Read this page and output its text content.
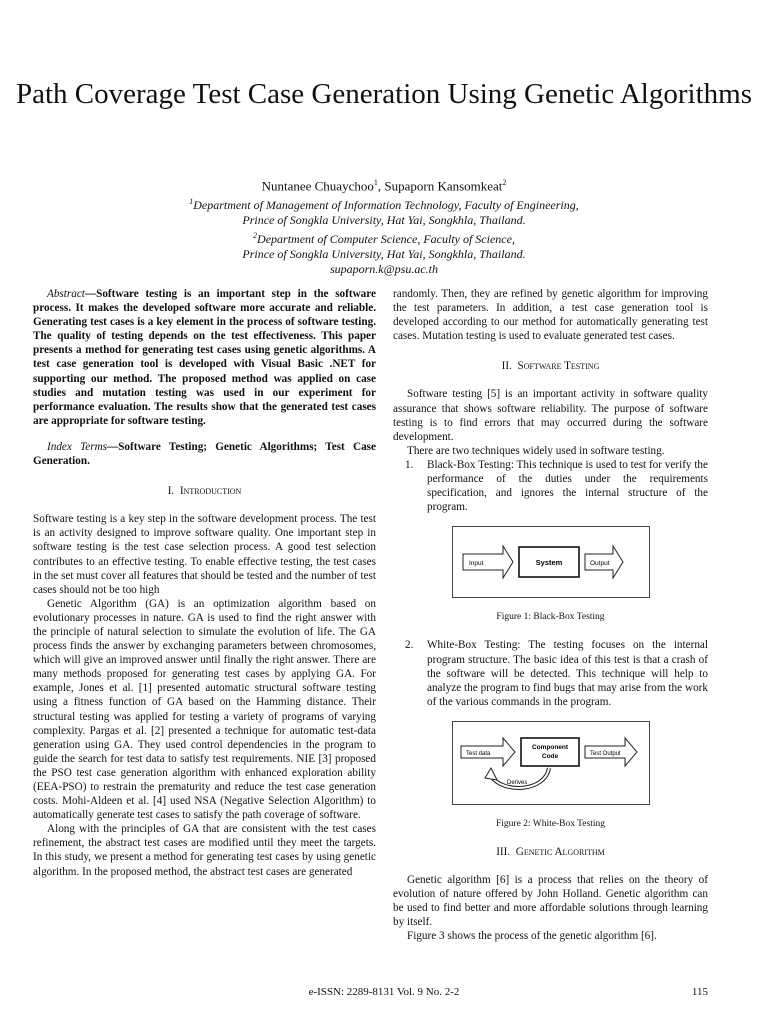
Path Coverage Test Case Generation Using Genetic Algorithms
Nuntanee Chuaychoo$^1$, Supaporn Kansomkeat$^2$
$^1$Department of Management of Information Technology, Faculty of Engineering,
Prince of Songkla University, Hat Yai, Songkhla, Thailand.
$^2$Department of Computer Science, Faculty of Science,
Prince of Songkla University, Hat Yai, Songkhla, Thailand.
supaporn.k@psu.ac.th

Abstract—Software testing is an important step in the software process. It makes the developed software more accurate and reliable. Generating test cases is a key element in the process of software testing. The quality of testing depends on the test effectiveness. This paper presents a method for generating test cases using genetic algorithms. A test case generation tool is developed with Visual Basic .NET for supporting our method. The proposed method was applied on case studies and mutation testing was used in our experiment for performance evaluation. The results show that the generated test cases are appropriate for software testing.

Index Terms—Software Testing; Genetic Algorithms; Test Case Generation.

I. Introduction

Software testing is a key step in the software development process. The test is an activity designed to improve software quality. One important step in software testing is the test case selection process. A good test selection contributes to an effective testing. To enable effective testing, the test cases in the set must cover all features that should be tested and the number of test cases should not be too high

Genetic Algorithm (GA) is an optimization algorithm based on evolutionary processes in nature. GA is used to find the right answer with the principle of natural selection to simulate the evolution of life. The GA process finds the answer by exchanging parameters between chromosomes, which will give an improved answer until finally the right answer. There are many methods proposed for generating test cases by applying GA. For example, Jones et al. [1] presented automatic structural software testing using a fitness function of GA based on the Hamming distance. Their structural testing was applied for testing a variety of programs of varying complexity. Pargas et al. [2] presented a technique for automatic test-data generation using GA. They used control dependencies in the program to guide the search for test data to satisfy test requirements. NIE [3] proposed the PSO test case generation algorithm with enhanced exploration ability (EEA-PSO) to restrain the prematurity and reduce the test case generation costs. Mohi-Aldeen et al. [4] used NSA (Negative Selection Algorithm) to automatically generate test cases to satisfy the path coverage of software.

Along with the principles of GA that are consistent with the test cases refinement, the abstract test cases are modified until they meet the targets. In this study, we present a method for generating test cases by using genetic algorithm. In the proposed method, the abstract test cases are generated

randomly. Then, they are refined by genetic algorithm for improving the test parameters. In addition, a test case generation tool is developed according to our method for automatically generating test cases. Mutation testing is used to evaluate generated test cases.

II. Software Testing

Software testing [5] is an important activity in software quality assurance that shows software reliability. The purpose of software testing is to find errors that may occurred during the software development.

There are two techniques widely used in software testing.

1.	Black-Box Testing: This technique is used to test for verify the performance of the duties under the requirements specification, and ignores the internal structure of the program.
Input	System	Output
Figure 1: Black-Box Testing
2.	White-Box Testing: The testing focuses on the internal program structure. The basic idea of this test is that a crash of the software will be detected. This technique will help to analyze the program to find bugs that may arise from the work of the various commands in the program.
Test data
Component
Code	Test Output
Derives
Figure 2: White-Box Testing
III. Genetic Algorithm

Genetic algorithm [6] is a process that relies on the theory of evolution of nature offered by John Holland. Genetic algorithm can be used to find better and more affordable solutions through learning by itself.

Figure 3 shows the process of the genetic algorithm [6].

e-ISSN: 2289-8131 Vol. 9 No. 2-2	115
